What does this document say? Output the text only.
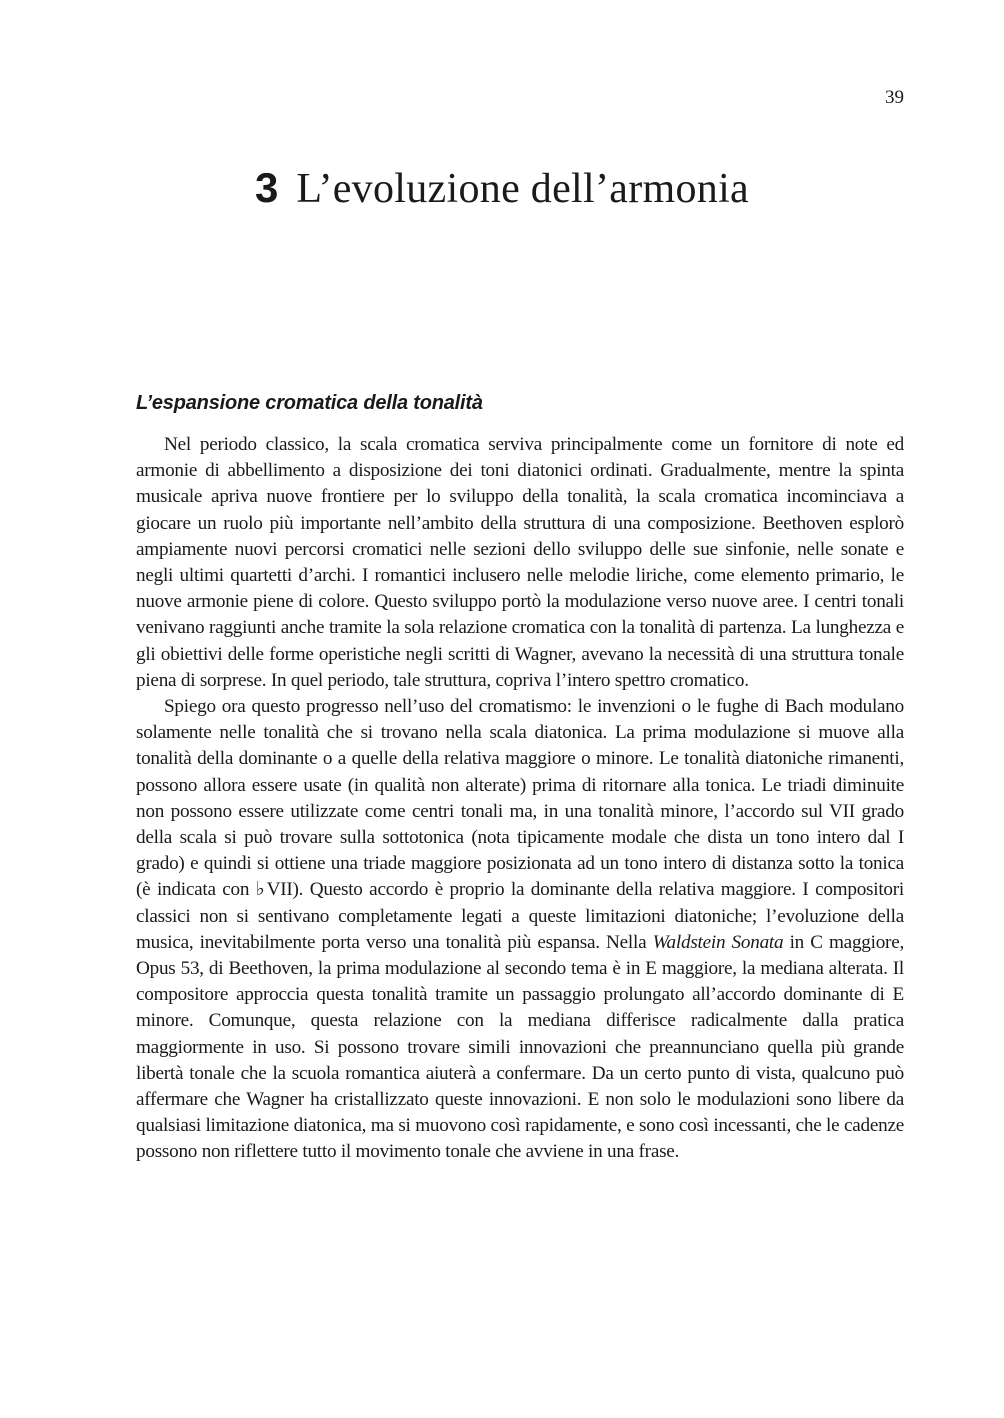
39
3 L’evoluzione dell’armonia
L’espansione cromatica della tonalità

Nel periodo classico, la scala cromatica serviva principalmente come un fornitore di note ed armonie di abbellimento a disposizione dei toni diatonici ordinati. Gradualmente, mentre la spinta musicale apriva nuove frontiere per lo sviluppo della tonalità, la scala cromatica incominciava a giocare un ruolo più importante nell’ambito della struttura di una composizione. Beethoven esplorò ampiamente nuovi percorsi cromatici nelle sezioni dello sviluppo delle sue sinfonie, nelle sonate e negli ultimi quartetti d’archi. I romantici inclusero nelle melodie liriche, come elemento primario, le nuove armonie piene di colore. Questo sviluppo portò la modulazione verso nuove aree. I centri tonali venivano raggiunti anche tramite la sola relazione cromatica con la tonalità di partenza. La lunghezza e gli obiettivi delle forme operistiche negli scritti di Wagner, avevano la necessità di una struttura tonale piena di sorprese. In quel periodo, tale struttura, copriva l’intero spettro cromatico.

Spiego ora questo progresso nell’uso del cromatismo: le invenzioni o le fughe di Bach modulano solamente nelle tonalità che si trovano nella scala diatonica. La prima modulazione si muove alla tonalità della dominante o a quelle della relativa maggiore o minore. Le tonalità diatoniche rimanenti, possono allora essere usate (in qualità non alterate) prima di ritornare alla tonica. Le triadi diminuite non possono essere utilizzate come centri tonali ma, in una tonalità minore, l’accordo sul VII grado della scala si può trovare sulla sottotonica (nota tipicamente modale che dista un tono intero dal I grado) e quindi si ottiene una triade maggiore posizionata ad un tono intero di distanza sotto la tonica (è indicata con ♭VII). Questo accordo è proprio la dominante della relativa maggiore. I compositori classici non si sentivano completamente legati a queste limitazioni diatoniche; l’evoluzione della musica, inevitabilmente porta verso una tonalità più espansa. Nella Waldstein Sonata in C maggiore, Opus 53, di Beethoven, la prima modulazione al secondo tema è in E maggiore, la mediana alterata. Il compositore approccia questa tonalità tramite un passaggio prolungato all’accordo dominante di E minore. Comunque, questa relazione con la mediana differisce radicalmente dalla pratica maggiormente in uso. Si possono trovare simili innovazioni che preannunciano quella più grande libertà tonale che la scuola romantica aiuterà a confermare. Da un certo punto di vista, qualcuno può affermare che Wagner ha cristallizzato queste innovazioni. E non solo le modulazioni sono libere da qualsiasi limitazione diatonica, ma si muovono così rapidamente, e sono così incessanti, che le cadenze possono non riflettere tutto il movimento tonale che avviene in una frase.
